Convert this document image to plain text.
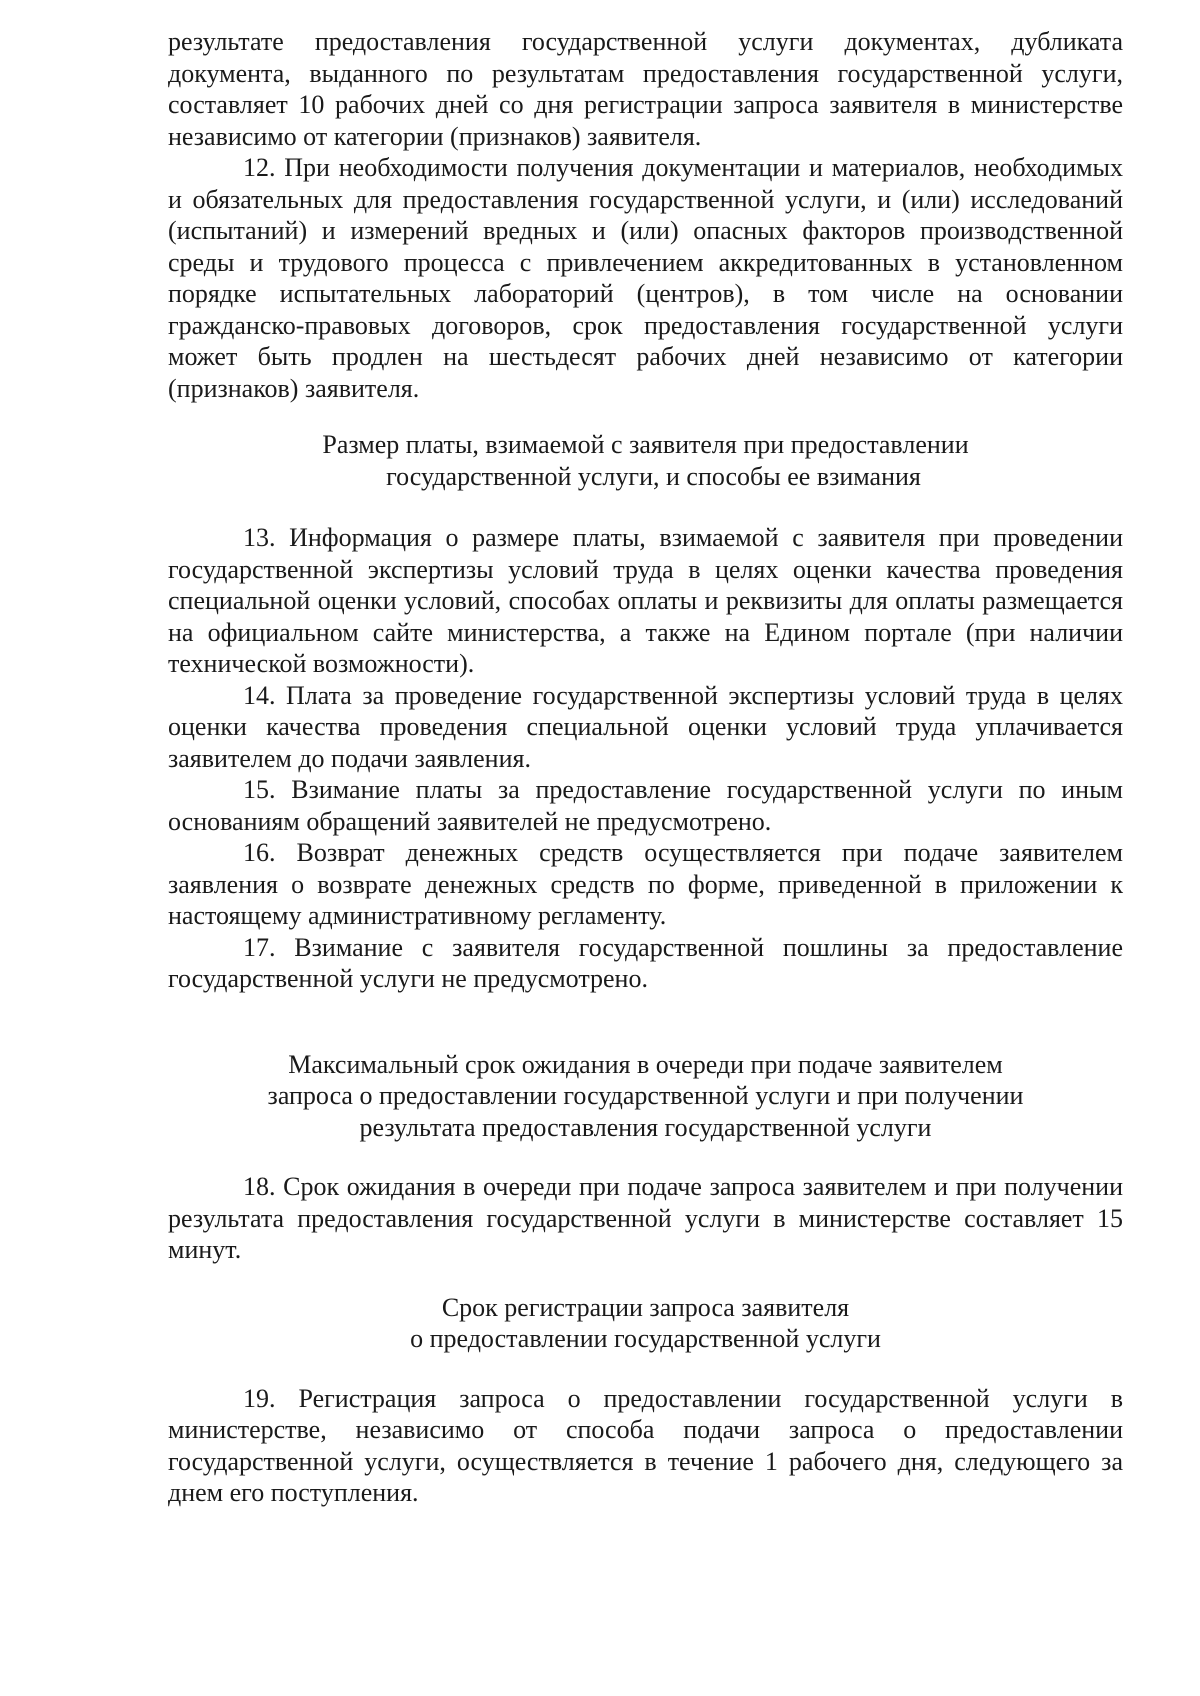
результате предоставления государственной услуги документах, дубликата документа, выданного по результатам предоставления государственной услуги, составляет 10 рабочих дней со дня регистрации запроса заявителя в министерстве независимо от категории (признаков) заявителя.

12. При необходимости получения документации и материалов, необходимых и обязательных для предоставления государственной услуги, и (или) исследований (испытаний) и измерений вредных и (или) опасных факторов производственной среды и трудового процесса с привлечением аккредитованных в установленном порядке испытательных лабораторий (центров), в том числе на основании гражданско-правовых договоров, срок предоставления государственной услуги может быть продлен на шестьдесят рабочих дней независимо от категории (признаков) заявителя.

Размер платы, взимаемой с заявителя при предоставлении
государственной услуги, и способы ее взимания

13. Информация о размере платы, взимаемой с заявителя при проведении государственной экспертизы условий труда в целях оценки качества проведения специальной оценки условий, способах оплаты и реквизиты для оплаты размещается на официальном сайте министерства, а также на Едином портале (при наличии технической возможности).

14. Плата за проведение государственной экспертизы условий труда в целях оценки качества проведения специальной оценки условий труда уплачивается заявителем до подачи заявления.

15. Взимание платы за предоставление государственной услуги по иным основаниям обращений заявителей не предусмотрено.

16. Возврат денежных средств осуществляется при подаче заявителем заявления о возврате денежных средств по форме, приведенной в приложении к настоящему административному регламенту.

17. Взимание с заявителя государственной пошлины за предоставление государственной услуги не предусмотрено.

Максимальный срок ожидания в очереди при подаче заявителем
запроса о предоставлении государственной услуги и при получении
результата предоставления государственной услуги

18. Срок ожидания в очереди при подаче запроса заявителем и при получении результата предоставления государственной услуги в министерстве составляет 15 минут.

Срок регистрации запроса заявителя
о предоставлении государственной услуги

19. Регистрация запроса о предоставлении государственной услуги в министерстве, независимо от способа подачи запроса о предоставлении государственной услуги, осуществляется в течение 1 рабочего дня, следующего за днем его поступления.
